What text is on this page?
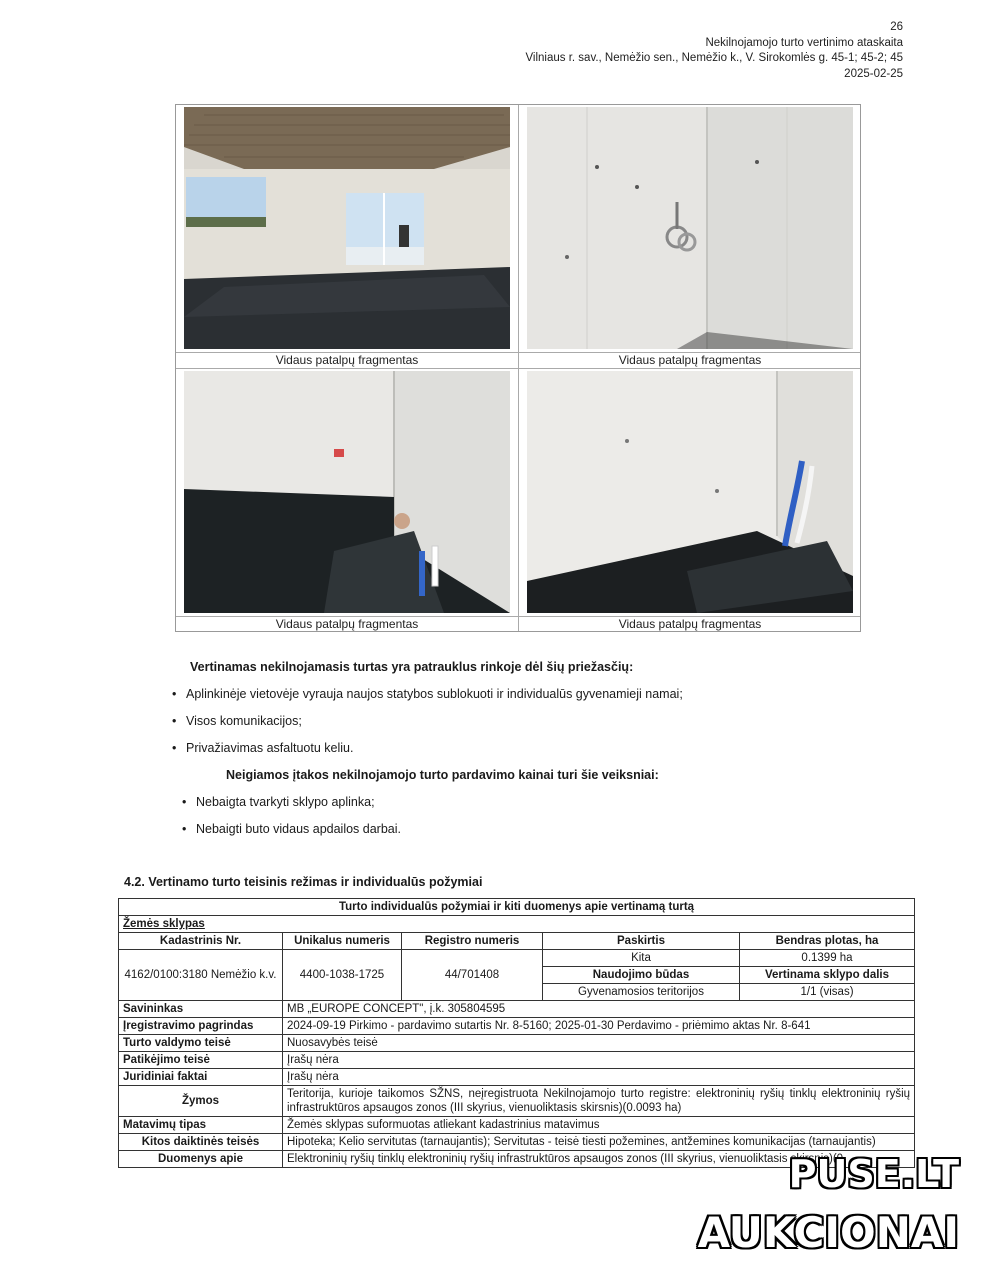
26
Nekilnojamojo turto vertinimo ataskaita
Vilniaus r. sav., Nemėžio sen., Nemėžio k., V. Sirokomlės g. 45-1; 45-2; 45
2025-02-25
Vidaus patalpų fragmentas	Vidaus patalpų fragmentas
Vidaus patalpų fragmentas	Vidaus patalpų fragmentas
Vertinamas nekilnojamasis turtas yra patrauklus rinkoje dėl šių priežasčių:
• Aplinkinėje vietovėje vyrauja naujos statybos sublokuoti ir individualūs gyvenamieji namai;
• Visos komunikacijos;
• Privažiavimas asfaltuotu keliu.
Neigiamos įtakos nekilnojamojo turto pardavimo kainai turi šie veiksniai:
• Nebaigta tvarkyti sklypo aplinka;
• Nebaigti buto vidaus apdailos darbai.
4.2. Vertinamo turto teisinis režimas ir individualūs požymiai
Turto individualūs požymiai ir kiti duomenys apie vertinamą turtą				
Žemės sklypas				
Kadastrinis Nr.	Unikalus numeris	Registro numeris	Paskirtis	Bendras plotas, ha
4162/0100:3180 Nemėžio k.v.	4400-1038-1725	44/701408	Kita	0.1399 ha
			Naudojimo būdas	Vertinama sklypo dalis
			Gyvenamosios teritorijos	1/1 (visas)
Savininkas	MB „EUROPE CONCEPT", į.k. 305804595			
Įregistravimo pagrindas	2024-09-19 Pirkimo - pardavimo sutartis Nr. 8-5160; 2025-01-30 Perdavimo - priėmimo aktas Nr. 8-641			
Turto valdymo teisė	Nuosavybės teisė			
Patikėjimo teisė	Įrašų nėra			
Juridiniai faktai	Įrašų nėra			
Žymos	Teritorija, kurioje taikomos SŽNS, neįregistruota Nekilnojamojo turto registre: elektroninių ryšių tinklų elektroninių ryšių infrastruktūros apsaugos zonos (III skyrius, vienuoliktasis skirsnis)(0.0093 ha)			
Matavimų tipas	Žemės sklypas suformuotas atliekant kadastrinius matavimus			
Kitos daiktinės teisės	Hipoteka; Kelio servitutas (tarnaujantis); Servitutas - teisė tiesti požemines, antžemines komunikacijas (tarnaujantis)			
Duomenys apie	Elektroninių ryšių tinklų elektroninių ryšių infrastruktūros apsaugos zonos (III skyrius, vienuoliktasis skirsnis)(0			
PUSE.LT
AUKCIONAI
